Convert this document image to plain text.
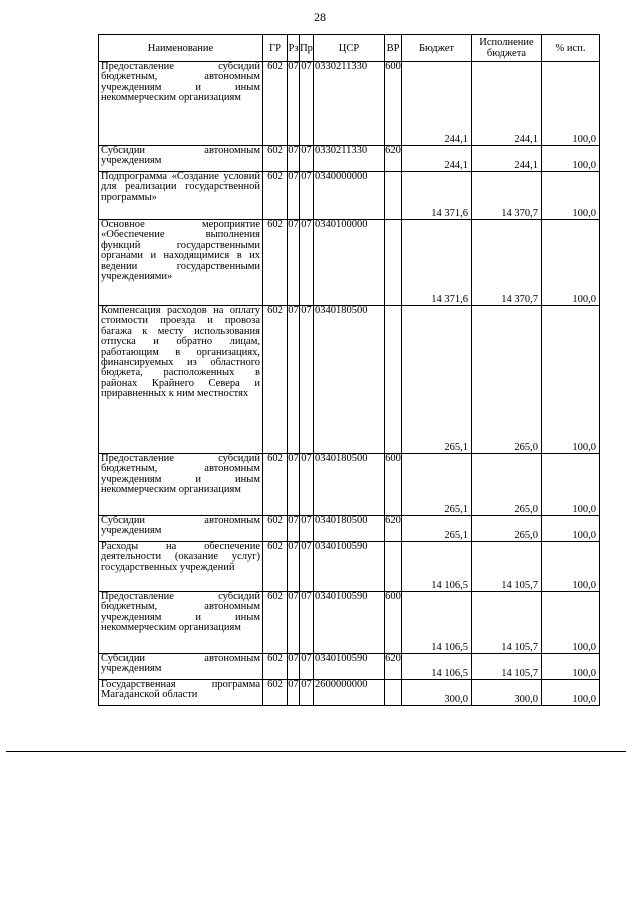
28
Наименование	ГР	Рз	Пр	ЦСР	ВР	Бюджет	Исполнение бюджета	% исп.
Предоставление субсидий бюджетным, автономным учреждениям и иным некоммерческим организациям	602	07	07	0330211330	600	244,1	244,1	100,0
Субсидии автономным учреждениям	602	07	07	0330211330	620	244,1	244,1	100,0
Подпрограмма «Создание условий для реализации государственной программы»	602	07	07	0340000000		14 371,6	14 370,7	100,0
Основное мероприятие «Обеспечение выполнения функций государственными органами и находящимися в их ведении государственными учреждениями»	602	07	07	0340100000		14 371,6	14 370,7	100,0
Компенсация расходов на оплату стоимости проезда и провоза багажа к месту использования отпуска и обратно лицам, работающим в организациях, финансируемых из областного бюджета, расположенных в районах Крайнего Севера и приравненных к ним местностях	602	07	07	0340180500		265,1	265,0	100,0
Предоставление субсидий бюджетным, автономным учреждениям и иным некоммерческим организациям	602	07	07	0340180500	600	265,1	265,0	100,0
Субсидии автономным учреждениям	602	07	07	0340180500	620	265,1	265,0	100,0
Расходы на обеспечение деятельности (оказание услуг) государственных учреждений	602	07	07	0340100590		14 106,5	14 105,7	100,0
Предоставление субсидий бюджетным, автономным учреждениям и иным некоммерческим организациям	602	07	07	0340100590	600	14 106,5	14 105,7	100,0
Субсидии автономным учреждениям	602	07	07	0340100590	620	14 106,5	14 105,7	100,0
Государственная программа Магаданской области	602	07	07	2600000000		300,0	300,0	100,0
